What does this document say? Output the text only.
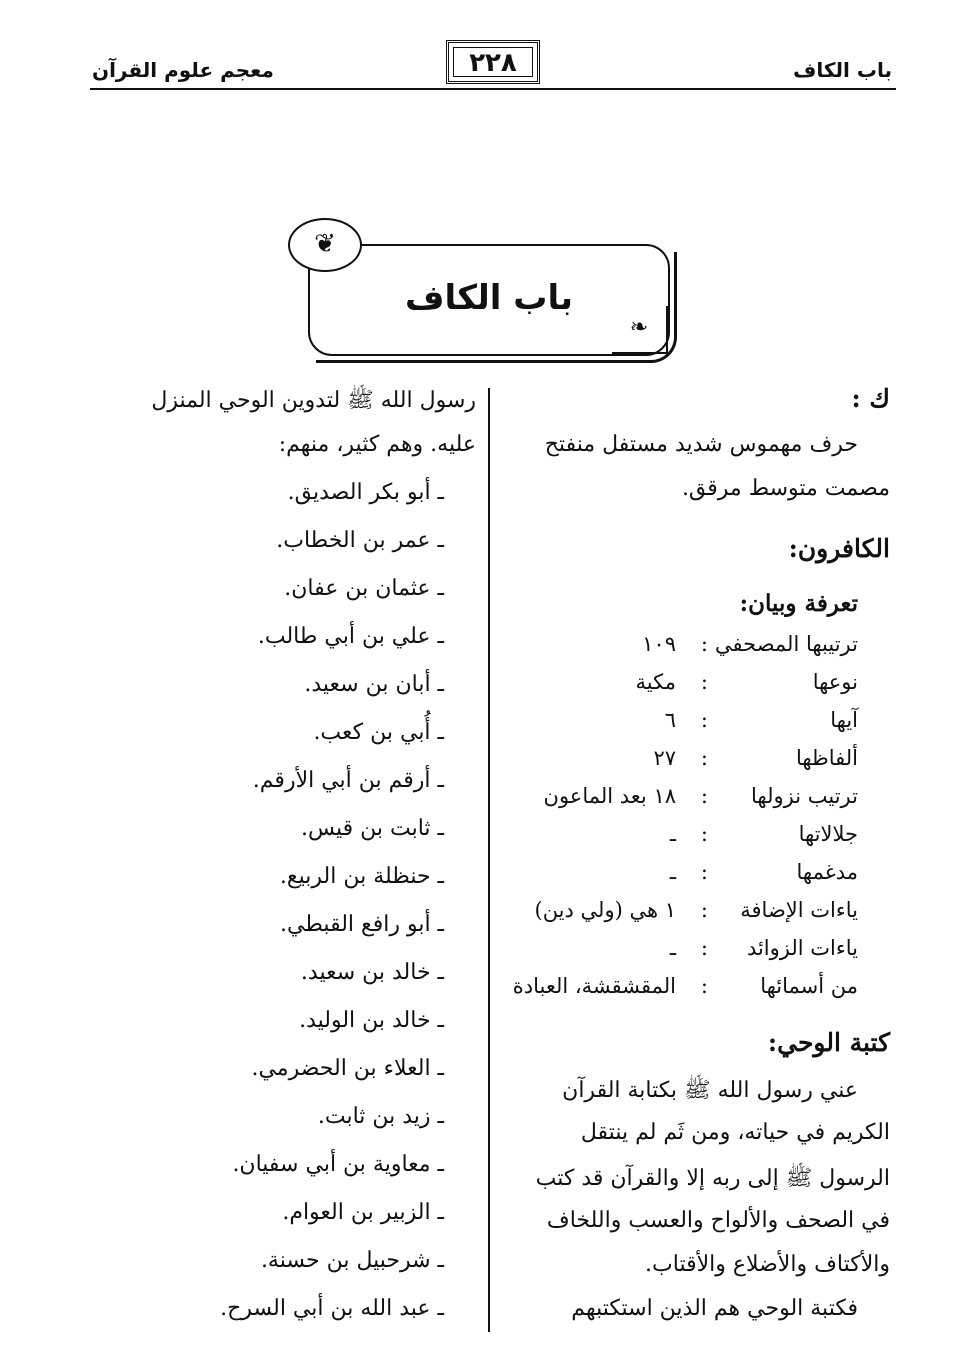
باب الكاف
٢٢٨
معجم علوم القرآن
❦
❧
باب الكاف
ك :
حرف مهموس شديد مستفل منفتح
مصمت متوسط مرقق.
الكافرون:
تعرفة وبيان:
ترتيبها المصحفي
:
١٠٩
نوعها
:
مكية
آيها
:
٦
ألفاظها
:
٢٧
ترتيب نزولها
:
١٨ بعد الماعون
جلالاتها
:
ـ
مدغمها
:
ـ
ياءات الإضافة
:
١ هي (ولي دين)
ياءات الزوائد
:
ـ
من أسمائها
:
المقشقشة، العبادة
كتبة الوحي:
عني رسول الله ﷺ بكتابة القرآن
الكريم في حياته، ومن ثَم لم ينتقل
الرسول ﷺ إلى ربه إلا والقرآن قد كتب
في الصحف والألواح والعسب واللخاف
والأكتاف والأضلاع والأقتاب.
فكتبة الوحي هم الذين استكتبهم
رسول الله ﷺ لتدوين الوحي المنزل
عليه. وهم كثير، منهم:
ـ أبو بكر الصديق.
ـ عمر بن الخطاب.
ـ عثمان بن عفان.
ـ علي بن أبي طالب.
ـ أبان بن سعيد.
ـ أُبي بن كعب.
ـ أرقم بن أبي الأرقم.
ـ ثابت بن قيس.
ـ حنظلة بن الربيع.
ـ أبو رافع القبطي.
ـ خالد بن سعيد.
ـ خالد بن الوليد.
ـ العلاء بن الحضرمي.
ـ زيد بن ثابت.
ـ معاوية بن أبي سفيان.
ـ الزبير بن العوام.
ـ شرحبيل بن حسنة.
ـ عبد الله بن أبي السرح.
